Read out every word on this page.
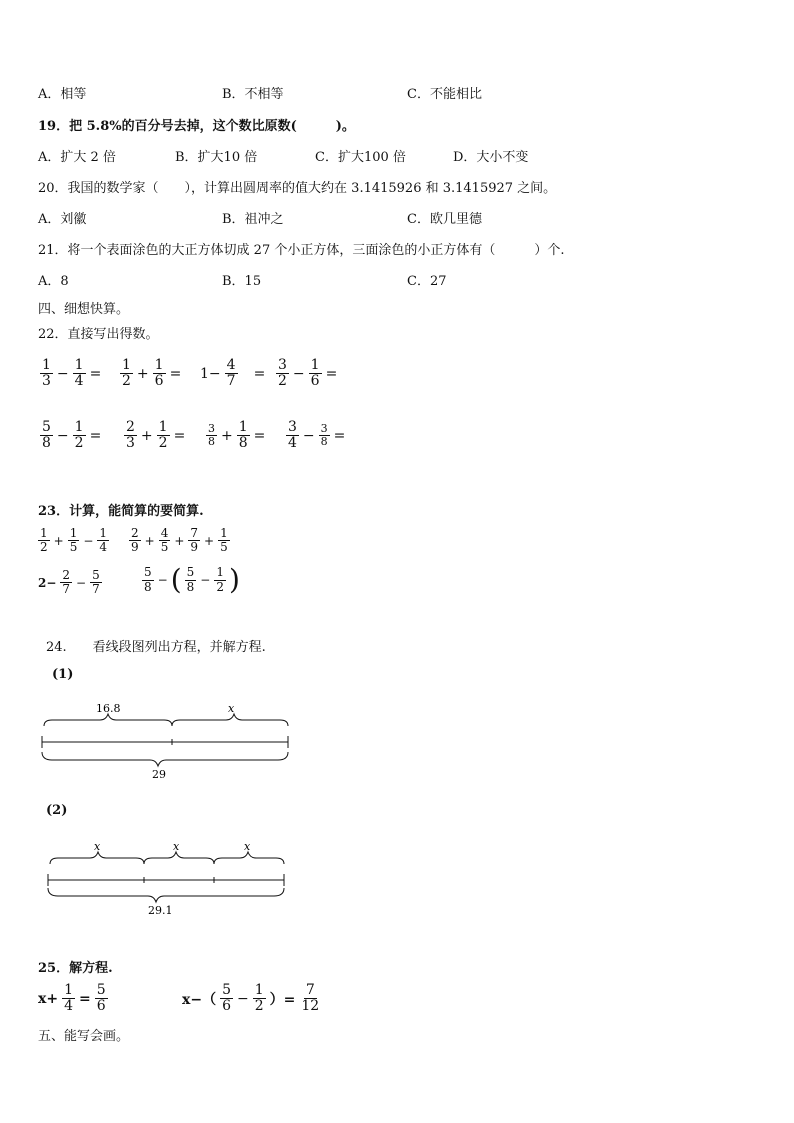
A．相等	B．不相等	C．不能相比
19．把 5.8%的百分号去掉，这个数比原数(　　　)。
A．扩大 2 倍	B．扩大10 倍	C．扩大100 倍	D．大小不变
20．我国的数学家（　　），计算出圆周率的值大约在 3.1415926 和 3.1415927 之间。
A．刘徽	B．祖冲之	C．欧几里德
21．将一个表面涂色的大正方体切成 27 个小正方体，三面涂色的小正方体有（　　　）个.
A．8	B．15	C．27
四、细想快算。
22．直接写出得数。
$\frac{1}{3} - \frac{1}{4} = \frac{1}{2} + \frac{1}{6} = 1- \frac{4}{7} = \frac{3}{2} - \frac{1}{6}$ =
$\frac{5}{8} - \frac{1}{2} = \frac{2}{3} + \frac{1}{2} = \frac{3}{8} + \frac{1}{8} = \frac{3}{4} - \frac{3}{8}$ =
23．计算，能简算的要简算.
$\frac{1}{2} + \frac{1}{5} - \frac{1}{4} \frac{2}{9} + \frac{4}{5} + \frac{7}{9} + \frac{1}{5}$
$2- \frac{2}{7} - \frac{5}{7}$	$\frac{5}{8}$ − ( $\frac{5}{8} - \frac{1}{2}$ )
24.　　看线段图列出方程，并解方程.
(1)
16.8	x
29
(2)
x	x	x
29.1
25．解方程.
$x+ \frac{1}{4} = \frac{5}{6}$	$x-( \frac{5}{6} - \frac{1}{2}$ ）= $\frac{7}{12}$
五、能写会画。
